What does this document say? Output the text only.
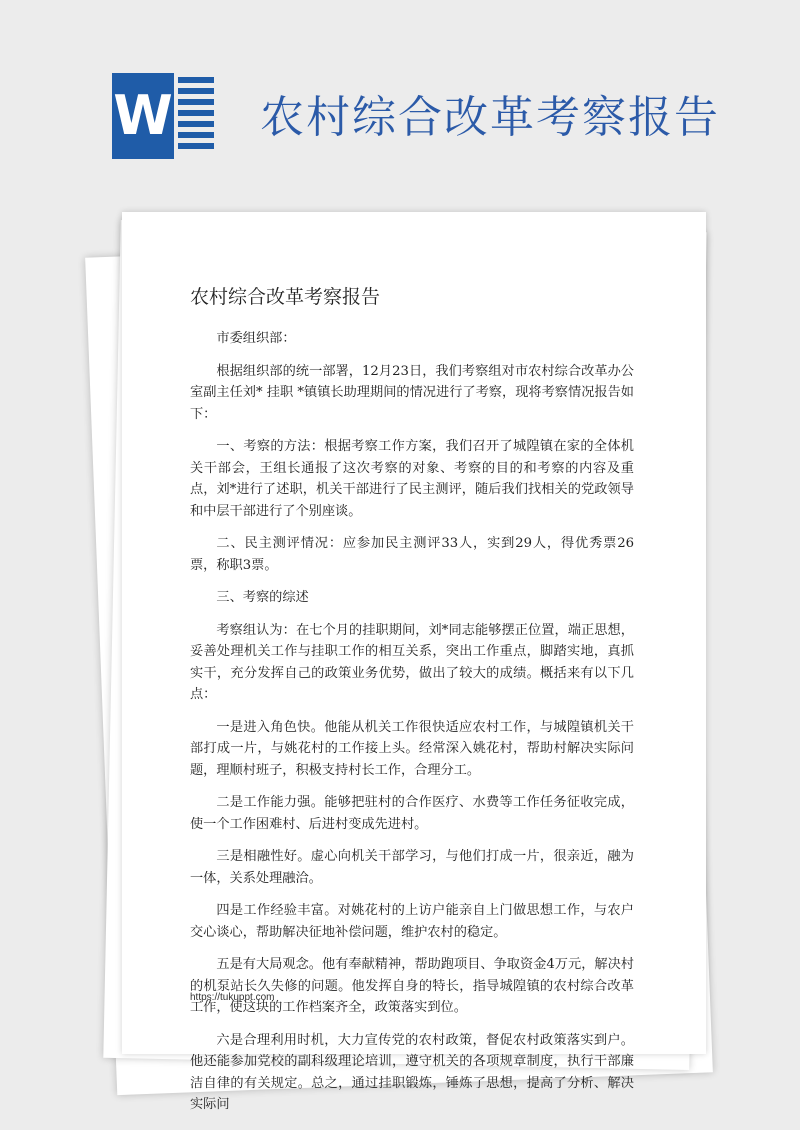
W 农村综合改革考察报告
农村综合改革考察报告

市委组织部：

根据组织部的统一部署，12月23日，我们考察组对市农村综合改革办公室副主任刘* 挂职 *镇镇长助理期间的情况进行了考察，现将考察情况报告如下：

一、考察的方法：根据考察工作方案，我们召开了城隍镇在家的全体机关干部会，王组长通报了这次考察的对象、考察的目的和考察的内容及重点，刘*进行了述职，机关干部进行了民主测评，随后我们找相关的党政领导和中层干部进行了个别座谈。

二、民主测评情况：应参加民主测评33人，实到29人，得优秀票26票，称职3票。

三、考察的综述

考察组认为：在七个月的挂职期间，刘*同志能够摆正位置，端正思想，妥善处理机关工作与挂职工作的相互关系，突出工作重点，脚踏实地，真抓实干，充分发挥自己的政策业务优势，做出了较大的成绩。概括来有以下几点：

一是进入角色快。他能从机关工作很快适应农村工作，与城隍镇机关干部打成一片，与姚花村的工作接上头。经常深入姚花村，帮助村解决实际问题，理顺村班子，积极支持村长工作，合理分工。

二是工作能力强。能够把驻村的合作医疗、水费等工作任务征收完成，使一个工作困难村、后进村变成先进村。

三是相融性好。虚心向机关干部学习，与他们打成一片，很亲近，融为一体，关系处理融洽。

四是工作经验丰富。对姚花村的上访户能亲自上门做思想工作，与农户交心谈心，帮助解决征地补偿问题，维护农村的稳定。

五是有大局观念。他有奉献精神，帮助跑项目、争取资金4万元，解决村的机泵站长久失修的问题。他发挥自身的特长，指导城隍镇的农村综合改革工作，使这块的工作档案齐全，政策落实到位。

六是合理利用时机，大力宣传党的农村政策，督促农村政策落实到户。他还能参加党校的副科级理论培训，遵守机关的各项规章制度，执行干部廉洁自律的有关规定。总之，通过挂职锻炼，锤炼了思想，提高了分析、解决实际问

https://tukuppt.com
